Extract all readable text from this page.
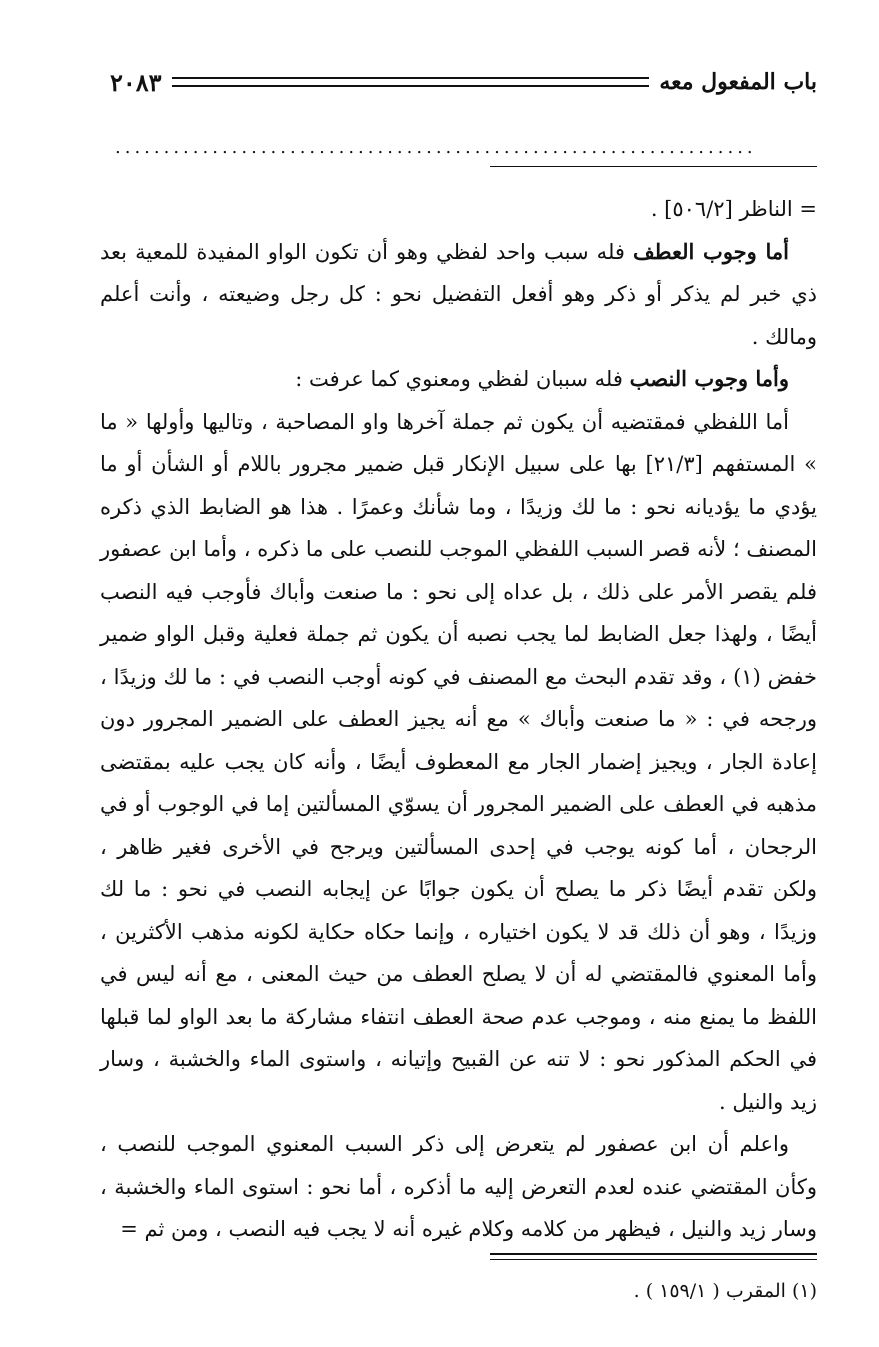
باب المفعول معه
٢٠٨٣
..................................................................

= الناظر [٥٠٦/٢] .

أما وجوب العطف فله سبب واحد لفظي وهو أن تكون الواو المفيدة للمعية بعد ذي خبر لم يذكر أو ذكر وهو أفعل التفضيل نحو : كل رجل وضيعته ، وأنت أعلم ومالك .

وأما وجوب النصب فله سببان لفظي ومعنوي كما عرفت :

أما اللفظي فمقتضيه أن يكون ثم جملة آخرها واو المصاحبة ، وتاليها وأولها « ما » المستفهم [٢١/٣] بها على سبيل الإنكار قبل ضمير مجرور باللام أو الشأن أو ما يؤدي ما يؤديانه نحو : ما لك وزيدًا ، وما شأنك وعمرًا . هذا هو الضابط الذي ذكره المصنف ؛ لأنه قصر السبب اللفظي الموجب للنصب على ما ذكره ، وأما ابن عصفور فلم يقصر الأمر على ذلك ، بل عداه إلى نحو : ما صنعت وأباك فأوجب فيه النصب أيضًا ، ولهذا جعل الضابط لما يجب نصبه أن يكون ثم جملة فعلية وقبل الواو ضمير خفض (١) ، وقد تقدم البحث مع المصنف في كونه أوجب النصب في : ما لك وزيدًا ، ورجحه في : « ما صنعت وأباك » مع أنه يجيز العطف على الضمير المجرور دون إعادة الجار ، ويجيز إضمار الجار مع المعطوف أيضًا ، وأنه كان يجب عليه بمقتضى مذهبه في العطف على الضمير المجرور أن يسوّي المسألتين إما في الوجوب أو في الرجحان ، أما كونه يوجب في إحدى المسألتين ويرجح في الأخرى فغير ظاهر ، ولكن تقدم أيضًا ذكر ما يصلح أن يكون جوابًا عن إيجابه النصب في نحو : ما لك وزيدًا ، وهو أن ذلك قد لا يكون اختياره ، وإنما حكاه حكاية لكونه مذهب الأكثرين ، وأما المعنوي فالمقتضي له أن لا يصلح العطف من حيث المعنى ، مع أنه ليس في اللفظ ما يمنع منه ، وموجب عدم صحة العطف انتفاء مشاركة ما بعد الواو لما قبلها في الحكم المذكور نحو : لا تنه عن القبيح وإتيانه ، واستوى الماء والخشبة ، وسار زيد والنيل .

واعلم أن ابن عصفور لم يتعرض إلى ذكر السبب المعنوي الموجب للنصب ، وكأن المقتضي عنده لعدم التعرض إليه ما أذكره ، أما نحو : استوى الماء والخشبة ، وسار زيد والنيل ، فيظهر من كلامه وكلام غيره أنه لا يجب فيه النصب ، ومن ثم =

(١) المقرب ( ١٥٩/١ ) .
